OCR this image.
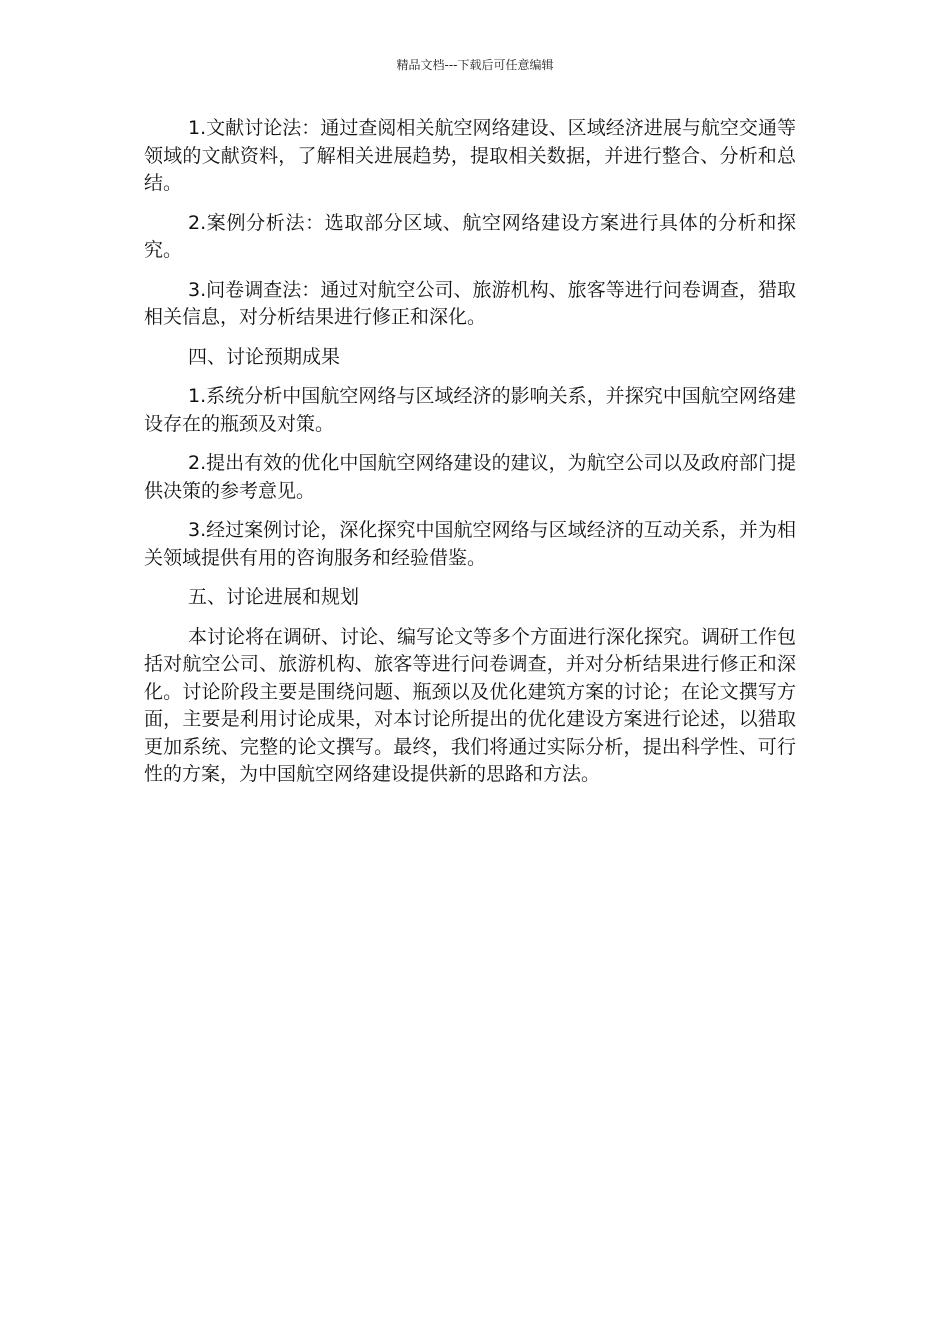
精品文档---下载后可任意编辑

1.文献讨论法：通过查阅相关航空网络建设、区域经济进展与航空交通等领域的文献资料，了解相关进展趋势，提取相关数据，并进行整合、分析和总结。

2.案例分析法：选取部分区域、航空网络建设方案进行具体的分析和探究。

3.问卷调查法：通过对航空公司、旅游机构、旅客等进行问卷调查，猎取相关信息，对分析结果进行修正和深化。

四、讨论预期成果

1.系统分析中国航空网络与区域经济的影响关系，并探究中国航空网络建设存在的瓶颈及对策。

2.提出有效的优化中国航空网络建设的建议，为航空公司以及政府部门提供决策的参考意见。

3.经过案例讨论，深化探究中国航空网络与区域经济的互动关系，并为相关领域提供有用的咨询服务和经验借鉴。

五、讨论进展和规划

本讨论将在调研、讨论、编写论文等多个方面进行深化探究。调研工作包括对航空公司、旅游机构、旅客等进行问卷调查，并对分析结果进行修正和深化。讨论阶段主要是围绕问题、瓶颈以及优化建筑方案的讨论；在论文撰写方面，主要是利用讨论成果，对本讨论所提出的优化建设方案进行论述，以猎取更加系统、完整的论文撰写。最终，我们将通过实际分析，提出科学性、可行性的方案，为中国航空网络建设提供新的思路和方法。
